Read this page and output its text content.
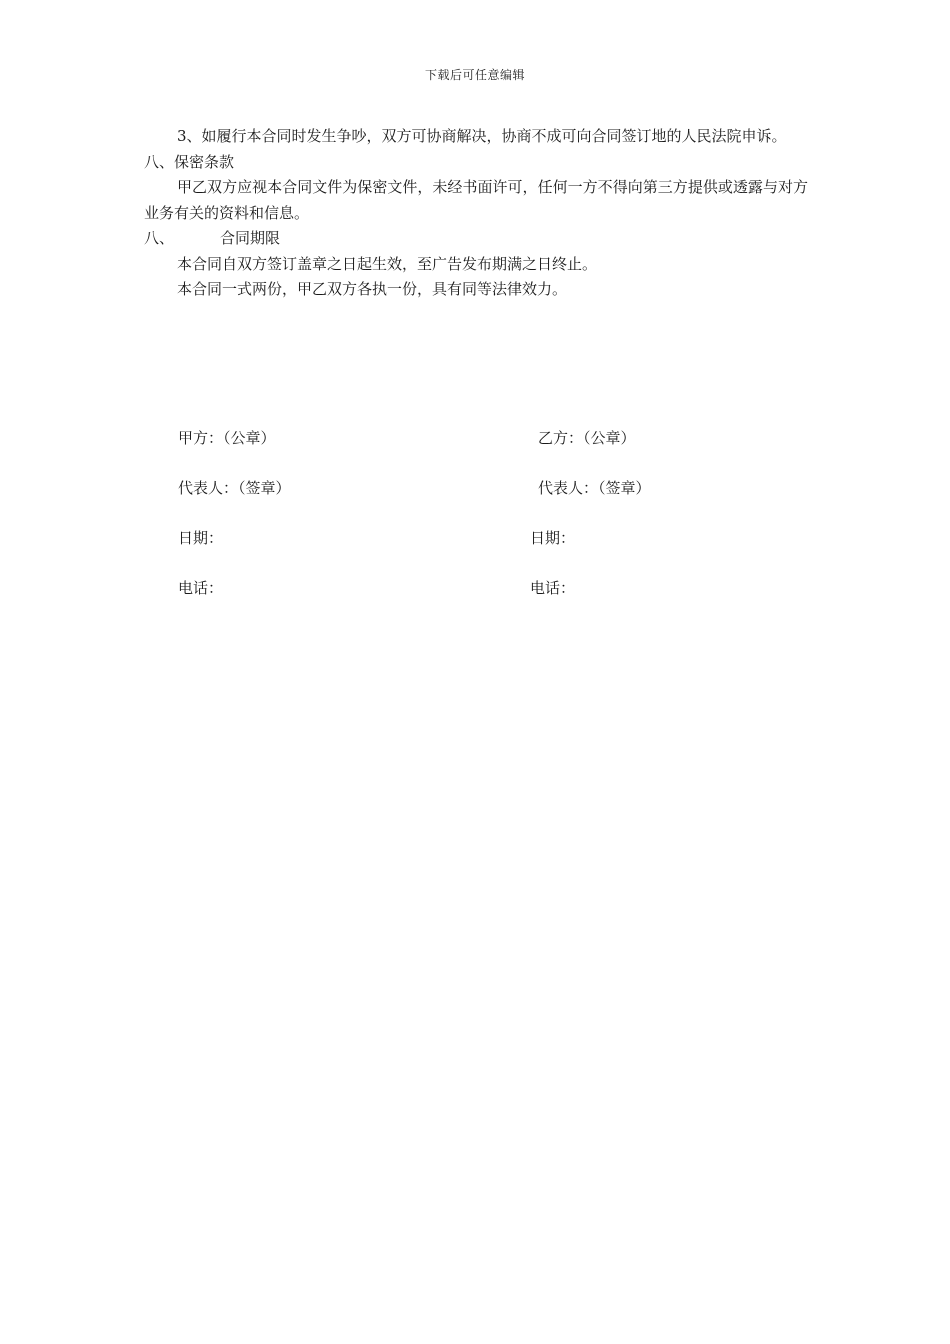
下载后可任意编辑

3、如履行本合同时发生争吵，双方可协商解决，协商不成可向合同签订地的人民法院申诉。

八、保密条款

甲乙双方应视本合同文件为保密文件，未经书面许可，任何一方不得向第三方提供或透露与对方业务有关的资料和信息。

八、	合同期限

本合同自双方签订盖章之日起生效，至广告发布期满之日终止。

本合同一式两份，甲乙双方各执一份，具有同等法律效力。

甲方：（公章）	乙方：（公章）
代表人：（签章）	代表人：（签章）
日期：	日期：
电话：	电话：
